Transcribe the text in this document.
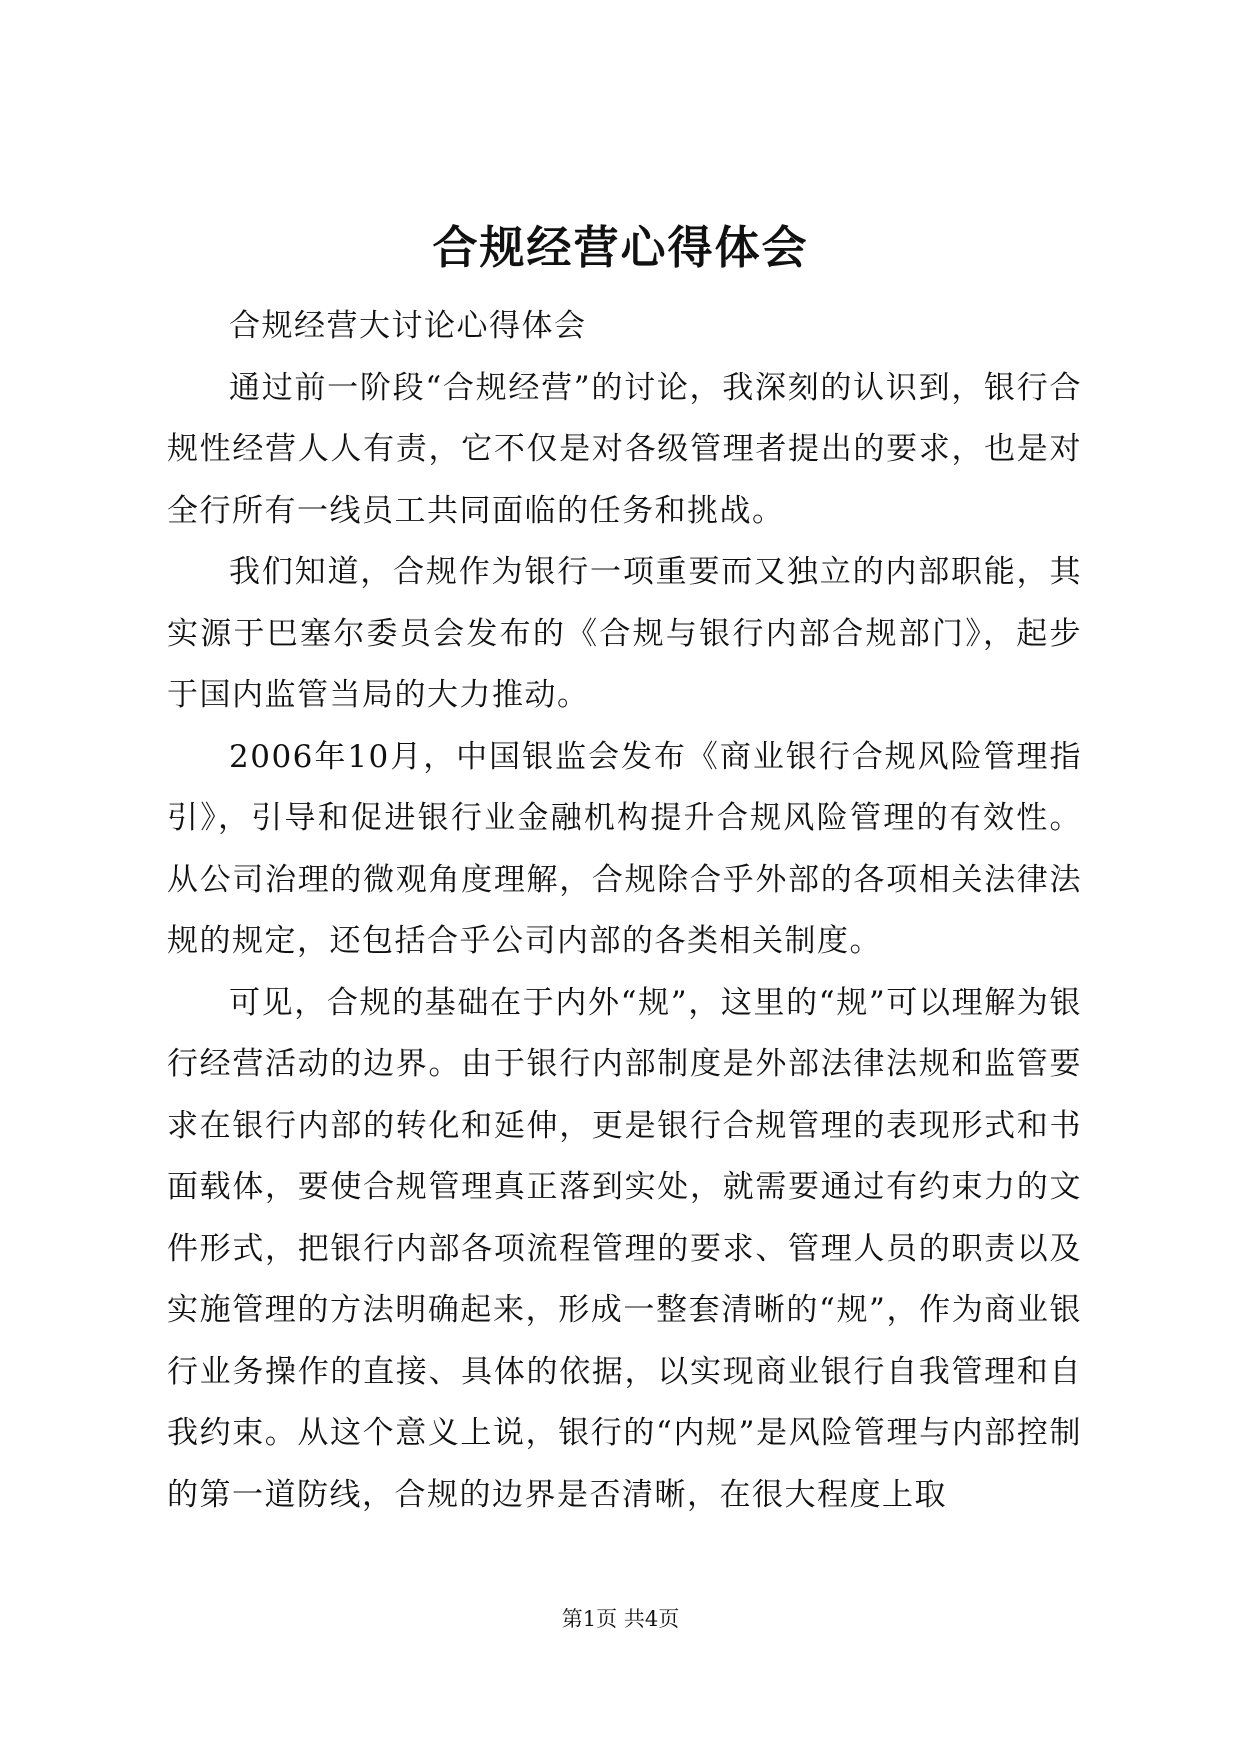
合规经营心得体会

合规经营大讨论心得体会

通过前一阶段“合规经营”的讨论，我深刻的认识到，银行合规性经营人人有责，它不仅是对各级管理者提出的要求，也是对全行所有一线员工共同面临的任务和挑战。

我们知道，合规作为银行一项重要而又独立的内部职能，其实源于巴塞尔委员会发布的《合规与银行内部合规部门》，起步于国内监管当局的大力推动。

2006年10月，中国银监会发布《商业银行合规风险管理指引》，引导和促进银行业金融机构提升合规风险管理的有效性。从公司治理的微观角度理解，合规除合乎外部的各项相关法律法规的规定，还包括合乎公司内部的各类相关制度。

可见，合规的基础在于内外“规”，这里的“规”可以理解为银行经营活动的边界。由于银行内部制度是外部法律法规和监管要求在银行内部的转化和延伸，更是银行合规管理的表现形式和书面载体，要使合规管理真正落到实处，就需要通过有约束力的文件形式，把银行内部各项流程管理的要求、管理人员的职责以及实施管理的方法明确起来，形成一整套清晰的“规”，作为商业银行业务操作的直接、具体的依据，以实现商业银行自我管理和自我约束。从这个意义上说，银行的“内规”是风险管理与内部控制的第一道防线，合规的边界是否清晰，在很大程度上取

第1页 共4页
